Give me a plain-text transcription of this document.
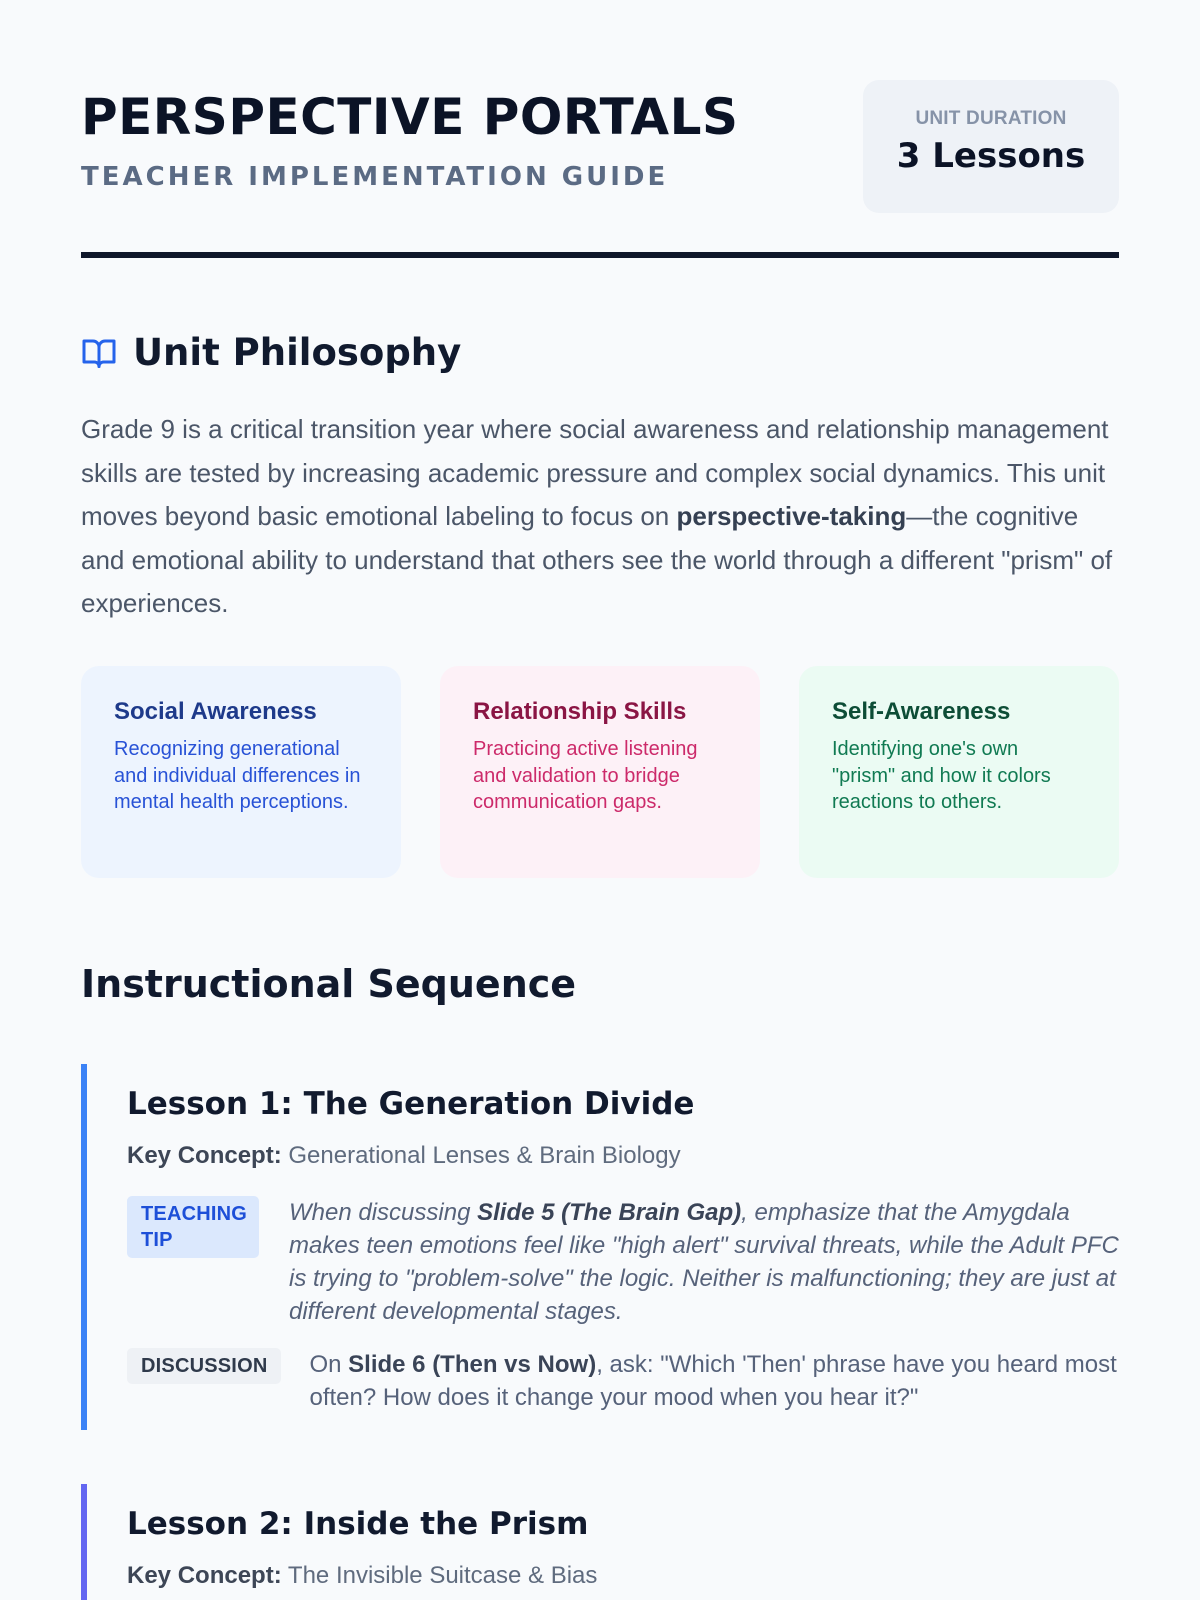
PERSPECTIVE PORTALS
TEACHER IMPLEMENTATION GUIDE
UNIT DURATION
3 Lessons
Unit Philosophy

Grade 9 is a critical transition year where social awareness and relationship management skills are tested by increasing academic pressure and complex social dynamics. This unit moves beyond basic emotional labeling to focus on perspective-taking—the cognitive and emotional ability to understand that others see the world through a different "prism" of experiences.

Social Awareness

Recognizing generational and individual differences in mental health perceptions.

Relationship Skills

Practicing active listening and validation to bridge communication gaps.

Self-Awareness

Identifying one's own "prism" and how it colors reactions to others.

Instructional Sequence
Lesson 1: The Generation Divide
Key Concept: Generational Lenses & Brain Biology
TEACHING TIP

When discussing Slide 5 (The Brain Gap), emphasize that the Amygdala makes teen emotions feel like "high alert" survival threats, while the Adult PFC is trying to "problem-solve" the logic. Neither is malfunctioning; they are just at different developmental stages.

DISCUSSION	On Slide 6 (Then vs Now), ask: "Which 'Then' phrase have you heard most often? How does it change your mood when you hear it?"

Lesson 2: Inside the Prism
Key Concept: The Invisible Suitcase & Bias
